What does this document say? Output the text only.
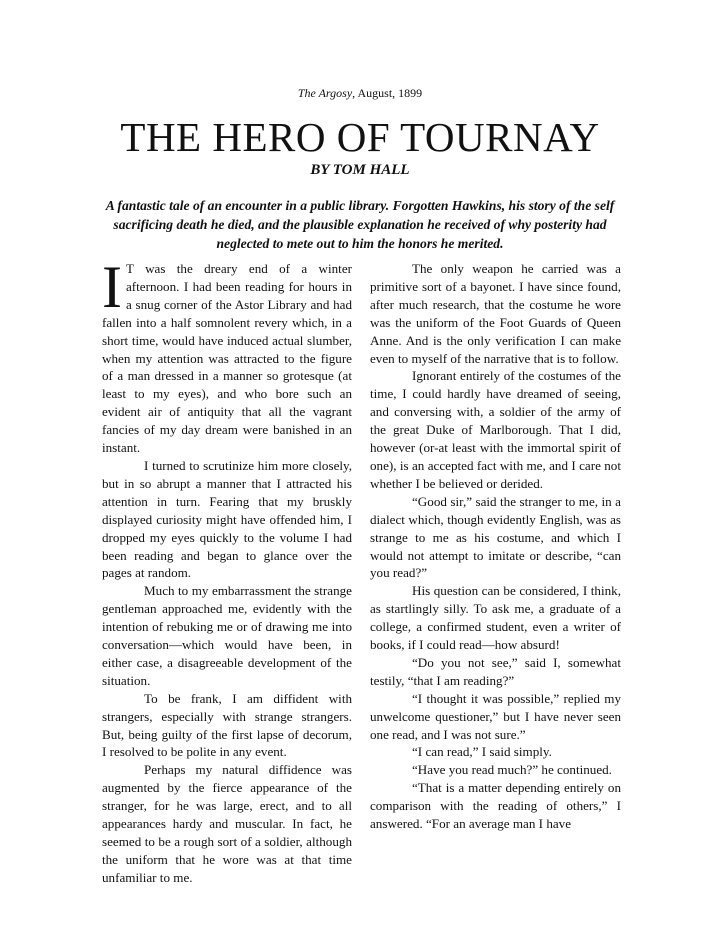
The Argosy, August, 1899
THE HERO OF TOURNAY
BY TOM HALL

A fantastic tale of an encounter in a public library. Forgotten Hawkins, his story of the self sacrificing death he died, and the plausible explanation he received of why posterity had neglected to mete out to him the honors he merited.

I T was the dreary end of a winter afternoon. I had been reading for hours in a snug corner of the Astor Library and had fallen into a half somnolent revery which, in a short time, would have induced actual slumber, when my attention was attracted to the figure of a man dressed in a manner so grotesque (at least to my eyes), and who bore such an evident air of antiquity that all the vagrant fancies of my day dream were banished in an instant.

I turned to scrutinize him more closely, but in so abrupt a manner that I attracted his attention in turn. Fearing that my bruskly displayed curiosity might have offended him, I dropped my eyes quickly to the volume I had been reading and began to glance over the pages at random.

Much to my embarrassment the strange gentleman approached me, evidently with the intention of rebuking me or of drawing me into conversation—which would have been, in either case, a disagreeable development of the situation.

To be frank, I am diffident with strangers, especially with strange strangers. But, being guilty of the first lapse of decorum, I resolved to be polite in any event.

Perhaps my natural diffidence was augmented by the fierce appearance of the stranger, for he was large, erect, and to all appearances hardy and muscular. In fact, he seemed to be a rough sort of a soldier, although the uniform that he wore was at that time unfamiliar to me.

The only weapon he carried was a primitive sort of a bayonet. I have since found, after much research, that the costume he wore was the uniform of the Foot Guards of Queen Anne. And is the only verification I can make even to myself of the narrative that is to follow.

Ignorant entirely of the costumes of the time, I could hardly have dreamed of seeing, and conversing with, a soldier of the army of the great Duke of Marlborough. That I did, however (or-at least with the immortal spirit of one), is an accepted fact with me, and I care not whether I be believed or derided.

“Good sir,” said the stranger to me, in a dialect which, though evidently English, was as strange to me as his costume, and which I would not attempt to imitate or describe, “can you read?”

His question can be considered, I think, as startlingly silly. To ask me, a graduate of a college, a confirmed student, even a writer of books, if I could read—how absurd!

“Do you not see,” said I, somewhat testily, “that I am reading?”

“I thought it was possible,” replied my unwelcome questioner,” but I have never seen one read, and I was not sure.”

“I can read,” I said simply.

“Have you read much?” he continued.

“That is a matter depending entirely on comparison with the reading of others,” I answered. “For an average man I have
